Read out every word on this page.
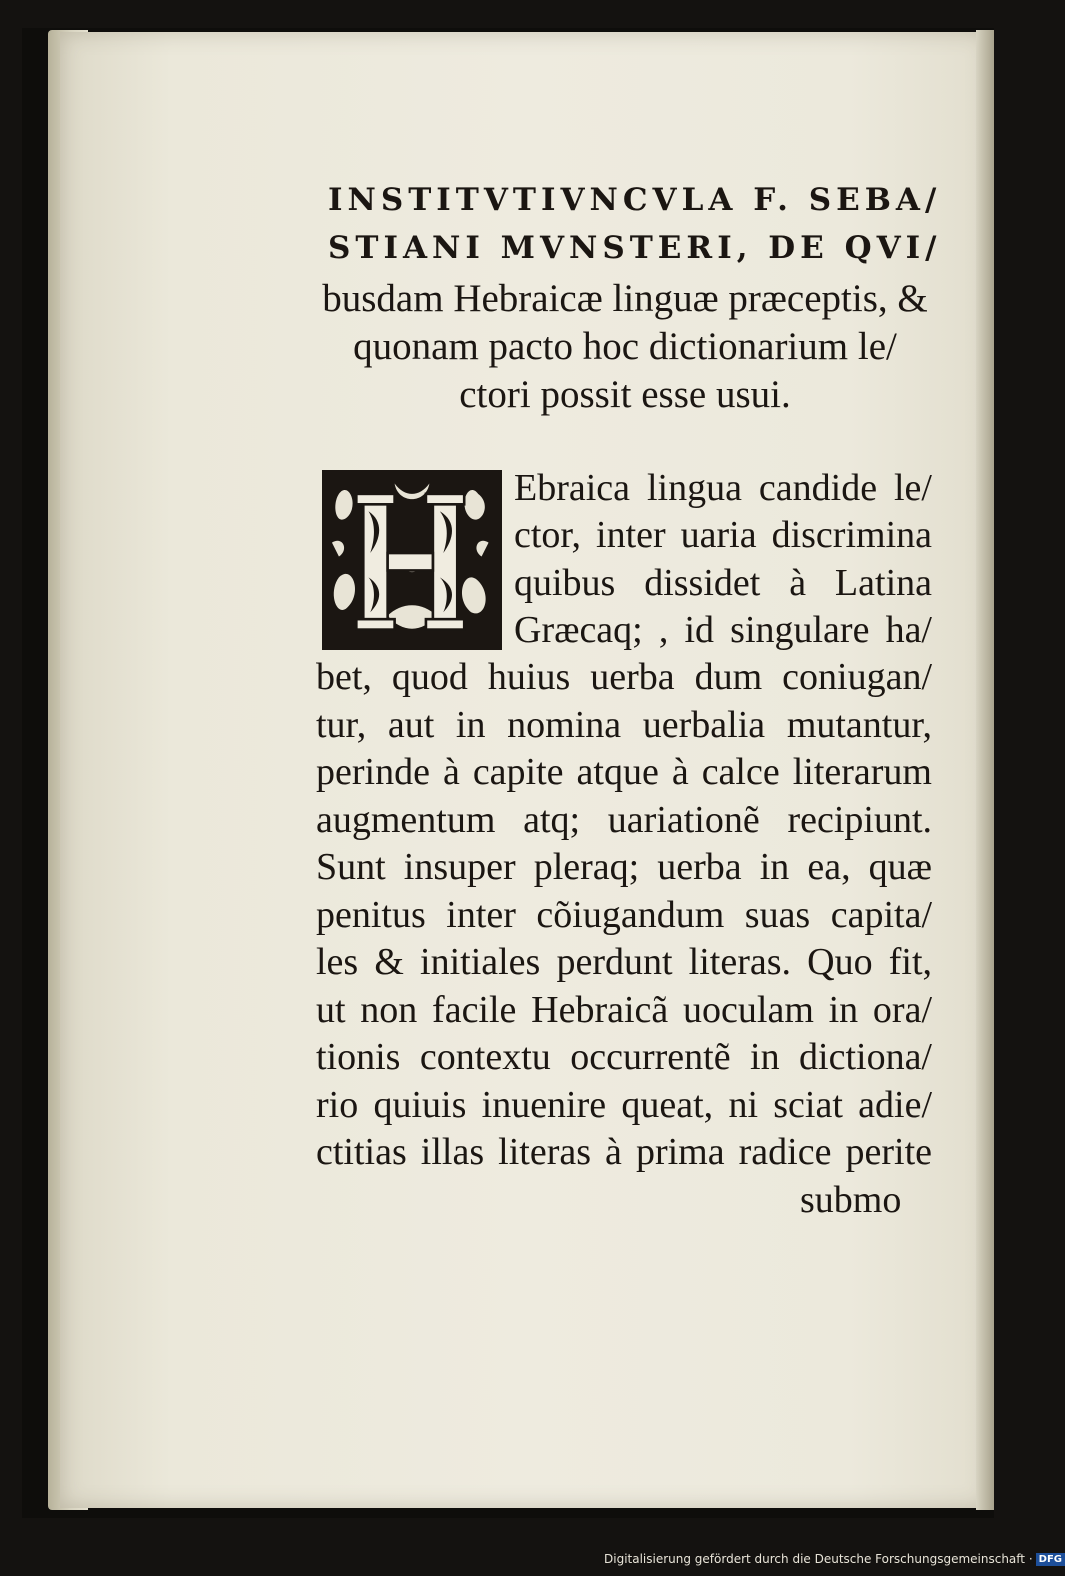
INSTITVTIVNCVLA F. SEBA/
STIANI MVNSTERI, DE QVI/
busdam Hebraicæ linguæ præceptis, &
quonam pacto hoc dictionarium le/
ctori possit esse usui.
Ebraica lingua candide le/
ctor, inter uaria discrimina
quibus dissidet à Latina
Græcaq; , id singulare ha/
bet, quod huius uerba dum coniugan/
tur, aut in nomina uerbalia mutantur,
perinde à capite atque à calce literarum
augmentum atq; uariationẽ recipiunt.
Sunt insuper pleraq; uerba in ea, quæ
penitus inter cõiugandum suas capita/
les & initiales perdunt literas. Quo fit,
ut non facile Hebraicã uoculam in ora/
tionis contextu occurrentẽ in dictiona/
rio quiuis inuenire queat, ni sciat adie/
ctitias illas literas à prima radice perite
submo
Digitalisierung gefördert durch die Deutsche Forschungsgemeinschaft · DFG
